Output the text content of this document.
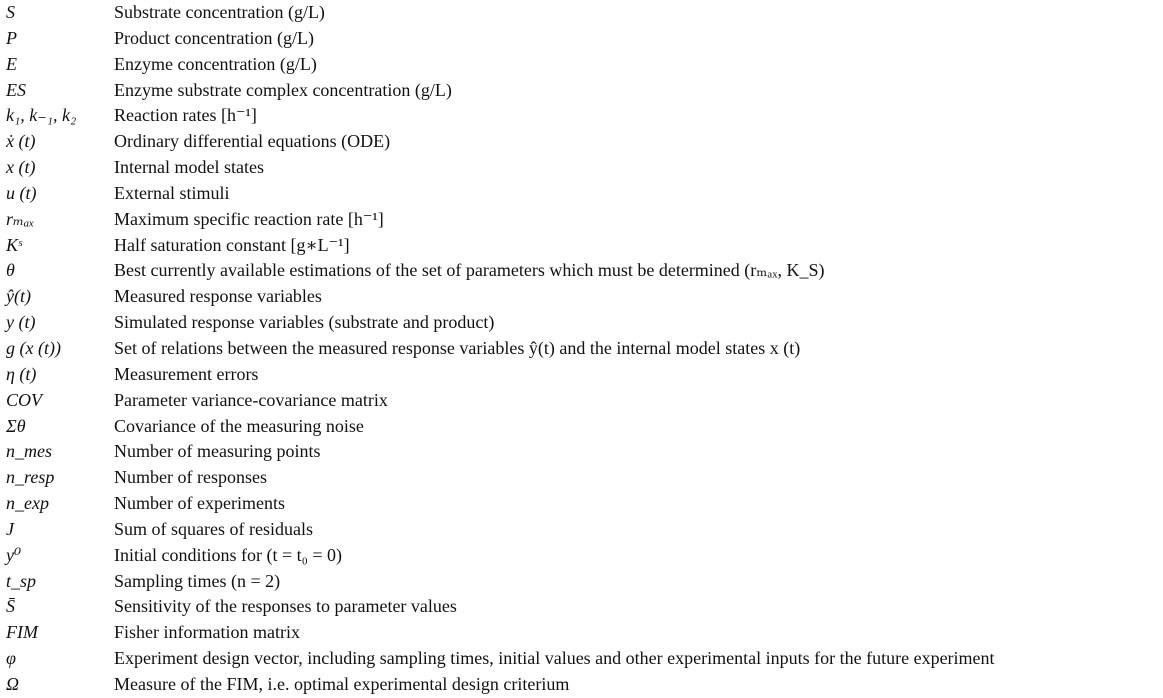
S	Substrate concentration (g/L)
P	Product concentration (g/L)
E	Enzyme concentration (g/L)
ES	Enzyme substrate complex concentration (g/L)
k₁, k₋₁, k₂	Reaction rates [h⁻¹]
ẋ (t)	Ordinary differential equations (ODE)
x (t)	Internal model states
u (t)	External stimuli
rₘₐₓ	Maximum specific reaction rate [h⁻¹]
Kˢ	Half saturation constant [g∗L⁻¹]
θ	Best currently available estimations of the set of parameters which must be determined (rₘₐₓ, K_S)
ŷ(t)	Measured response variables
y (t)	Simulated response variables (substrate and product)
g (x (t))	Set of relations between the measured response variables ŷ(t) and the internal model states x (t)
η (t)	Measurement errors
COV	Parameter variance-covariance matrix
Σθ	Covariance of the measuring noise
n_mes	Number of measuring points
n_resp	Number of responses
n_exp	Number of experiments
J	Sum of squares of residuals
y⁰	Initial conditions for (t = t₀ = 0)
t_sp	Sampling times (n = 2)
S̄	Sensitivity of the responses to parameter values
FIM	Fisher information matrix
φ	Experiment design vector, including sampling times, initial values and other experimental inputs for the future experiment
Ω	Measure of the FIM, i.e. optimal experimental design criterium
